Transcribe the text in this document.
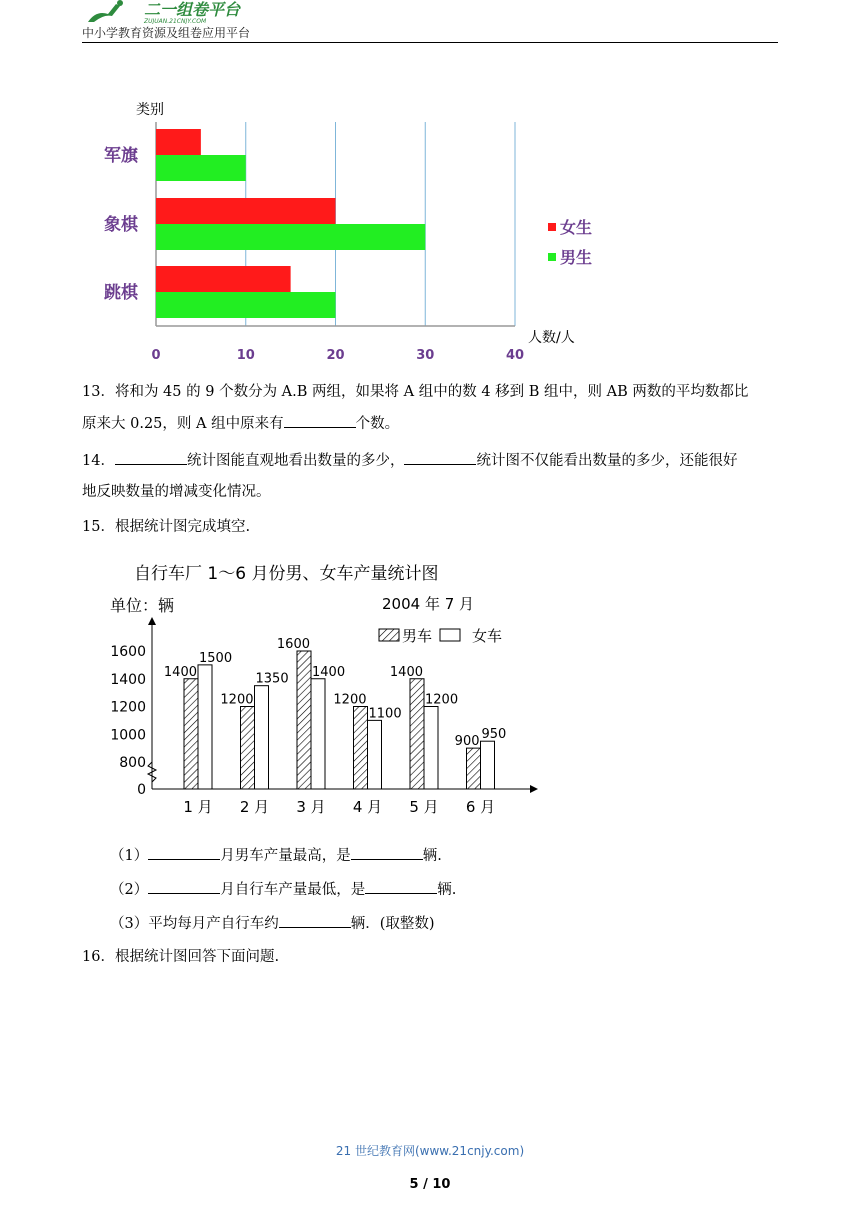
二一组卷平台
ZUJUAN.21CNJY.COM
中小学教育资源及组卷应用平台
类别
军旗
象棋
跳棋
0	10	20	30	40
人数/人
女生
男生
13．将和为 45 的 9 个数分为 A.B 两组，如果将 A 组中的数 4 移到 B 组中，则 AB 两数的平均数都比
原来大 0.25，则 A 组中原来有	个数。
14．	统计图能直观地看出数量的多少，	统计图不仅能看出数量的多少，还能很好
地反映数量的增减变化情况。
15．根据统计图完成填空.
自行车厂 1～6 月份男、女车产量统计图
单位：辆	2004 年 7 月
男车	女车
0
800
1000
1200
1400
1600
1400
1500
1200
1350
1600
1400
1200
1100
1400
1200
900 950
1 月 2 月 3 月 4 月 5 月 6 月
（1）	月男车产量最高，是	辆.
（2）	月自行车产量最低，是	辆.
（3）平均每月产自行车约	辆．(取整数)
16．根据统计图回答下面问题.
21 世纪教育网(www.21cnjy.com)
5 / 10
